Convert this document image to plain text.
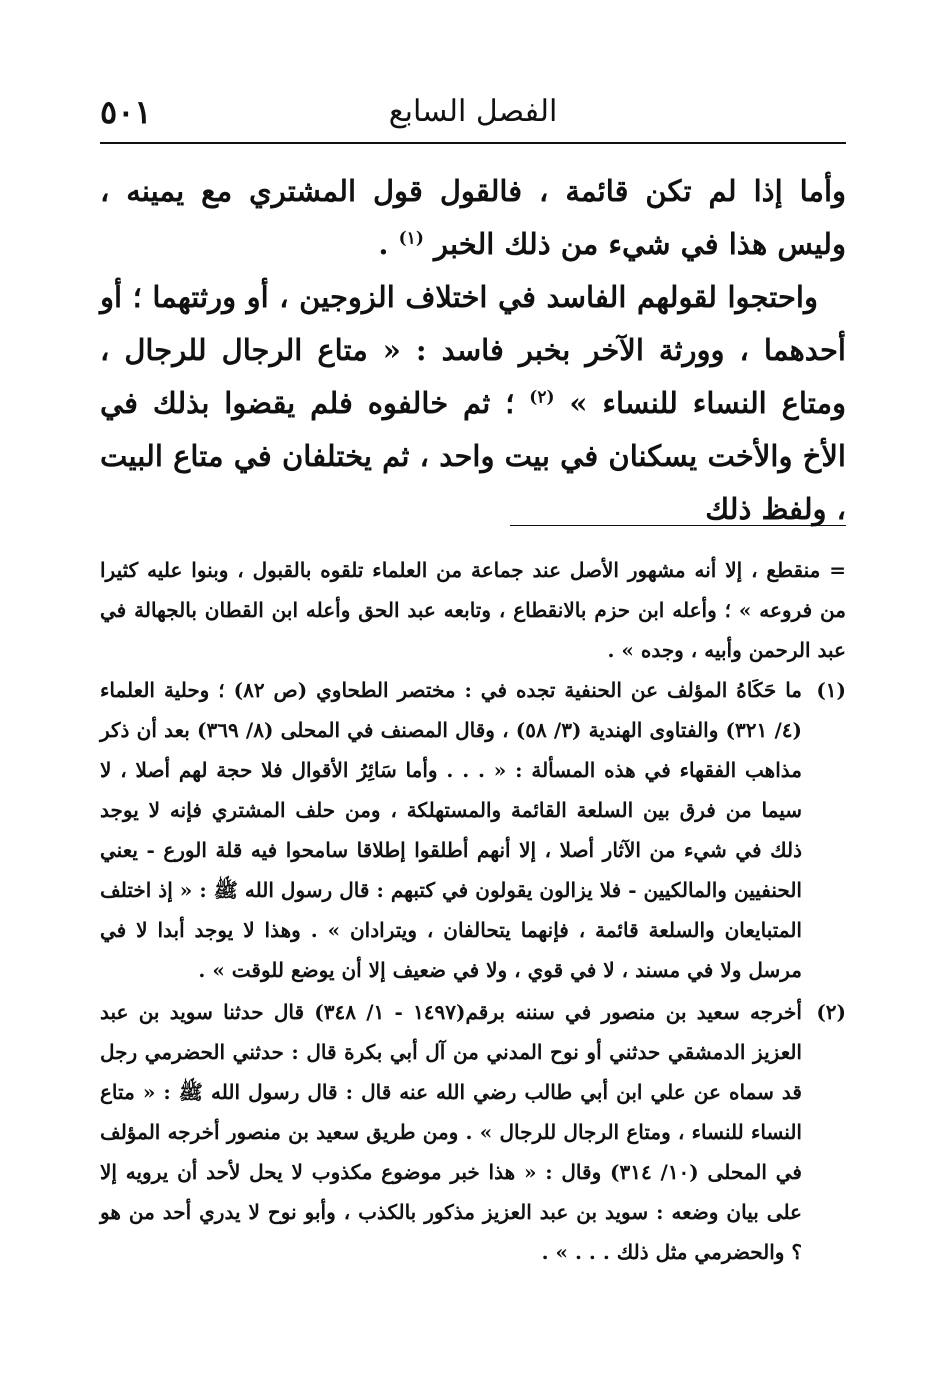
الفصل السابع
٥٠١

وأما إذا لم تكن قائمة ، فالقول قول المشتري مع يمينه ، وليس هذا في شيء من ذلك الخبر $^{(١)}$ .

واحتجوا لقولهم الفاسد في اختلاف الزوجين ، أو ورثتهما ؛ أو أحدهما ، وورثة الآخر بخبر فاسد : « متاع الرجال للرجال ، ومتاع النساء للنساء » $^{(٢)}$ ؛ ثم خالفوه فلم يقضوا بذلك في الأخ والأخت يسكنان في بيت واحد ، ثم يختلفان في متاع البيت ، ولفظ ذلك

= منقطع ، إلا أنه مشهور الأصل عند جماعة من العلماء تلقوه بالقبول ، وبنوا عليه كثيرا من فروعه » ؛ وأعله ابن حزم بالانقطاع ، وتابعه عبد الحق وأعله ابن القطان بالجهالة في عبد الرحمن وأبيه ، وجده » .

(١)
ما حَكَاهُ المؤلف عن الحنفية تجده في : مختصر الطحاوي (ص ٨٢) ؛ وحلية العلماء (٤/ ٣٢١) والفتاوى الهندية (٣/ ٥٨) ، وقال المصنف في المحلى (٨/ ٣٦٩) بعد أن ذكر مذاهب الفقهاء في هذه المسألة : « . . . وأما سَائِرُ الأقوال فلا حجة لهم أصلا ، لا سيما من فرق بين السلعة القائمة والمستهلكة ، ومن حلف المشتري فإنه لا يوجد ذلك في شيء من الآثار أصلا ، إلا أنهم أطلقوا إطلاقا سامحوا فيه قلة الورع - يعني الحنفيين والمالكيين - فلا يزالون يقولون في كتبهم : قال رسول الله ﷺ : « إذ اختلف المتبايعان والسلعة قائمة ، فإنهما يتحالفان ، ويترادان » . وهذا لا يوجد أبدا لا في مرسل ولا في مسند ، لا في قوي ، ولا في ضعيف إلا أن يوضع للوقت » .
(٢)
أخرجه سعيد بن منصور في سننه برقم(١٤٩٧ - ١/ ٣٤٨) قال حدثنا سويد بن عبد العزيز الدمشقي حدثني أو نوح المدني من آل أبي بكرة قال : حدثني الحضرمي رجل قد سماه عن علي ابن أبي طالب رضي الله عنه قال : قال رسول الله ﷺ : « متاع النساء للنساء ، ومتاع الرجال للرجال » . ومن طريق سعيد بن منصور أخرجه المؤلف في المحلى (١٠/ ٣١٤) وقال : « هذا خبر موضوع مكذوب لا يحل لأحد أن يرويه إلا على بيان وضعه : سويد بن عبد العزيز مذكور بالكذب ، وأبو نوح لا يدري أحد من هو ؟ والحضرمي مثل ذلك . . . » .
